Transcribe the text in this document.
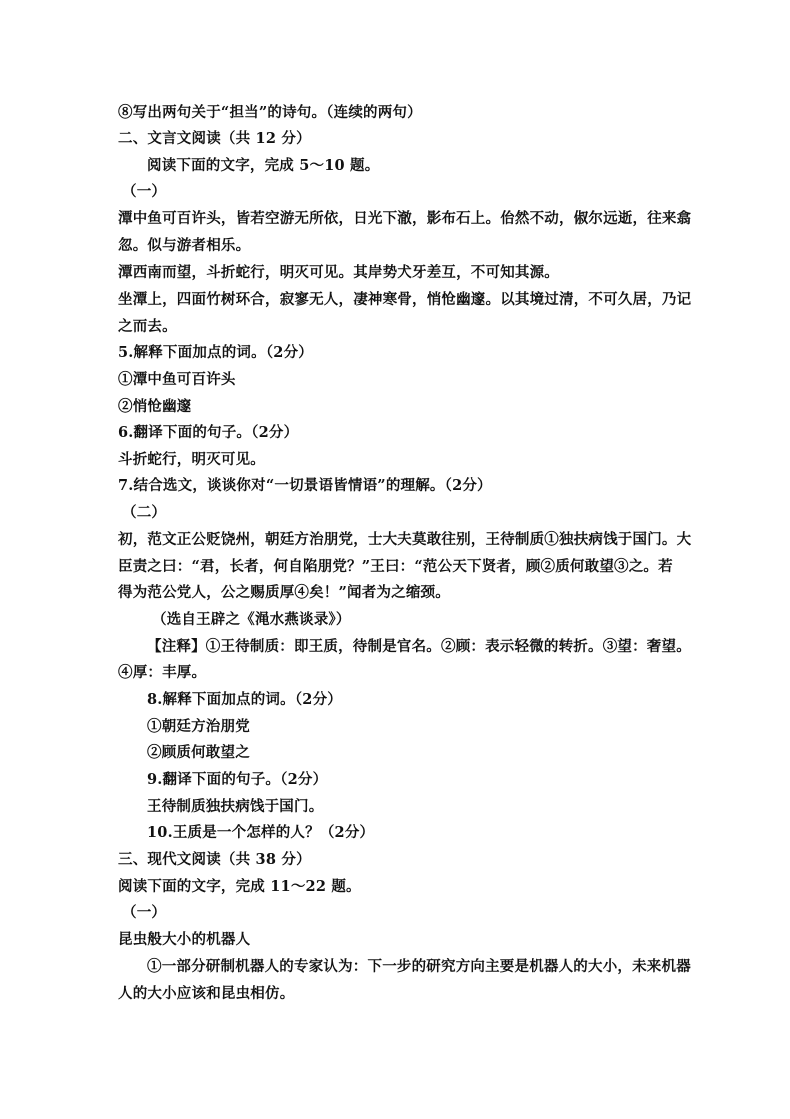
⑧写出两句关于“担当”的诗句。（连续的两句）
二、文言文阅读（共 12 分）
阅读下面的文字，完成 5～10 题。
（一）
潭中鱼可百许头，皆若空游无所依，日光下澈，影布石上。佁然不动，俶尔远逝，往来翕
忽。似与游者相乐。
潭西南而望，斗折蛇行，明灭可见。其岸势犬牙差互，不可知其源。
坐潭上，四面竹树环合，寂寥无人，凄神寒骨，悄怆幽邃。以其境过清，不可久居，乃记
之而去。
5.解释下面加点的词。（2分）
①潭中鱼可百许头
②悄怆幽邃
6.翻译下面的句子。（2分）
斗折蛇行，明灭可见。
7.结合选文，谈谈你对“一切景语皆情语”的理解。（2分）
（二）
初，范文正公贬饶州，朝廷方治朋党，士大夫莫敢往别，王待制质①独扶病饯于国门。大
臣责之曰：“君，长者，何自陷朋党？”王曰：“范公天下贤者，顾②质何敢望③之。若
得为范公党人，公之赐质厚④矣！”闻者为之缩颈。
（选自王辟之《渑水燕谈录》）
【注释】①王待制质：即王质，待制是官名。②顾：表示轻微的转折。③望：奢望。
④厚：丰厚。
8.解释下面加点的词。（2分）
①朝廷方治朋党
②顾质何敢望之
9.翻译下面的句子。（2分）
王待制质独扶病饯于国门。
10.王质是一个怎样的人？（2分）
三、现代文阅读（共 38 分）
阅读下面的文字，完成 11～22 题。
（一）
昆虫般大小的机器人
①一部分研制机器人的专家认为：下一步的研究方向主要是机器人的大小，未来机器
人的大小应该和昆虫相仿。
